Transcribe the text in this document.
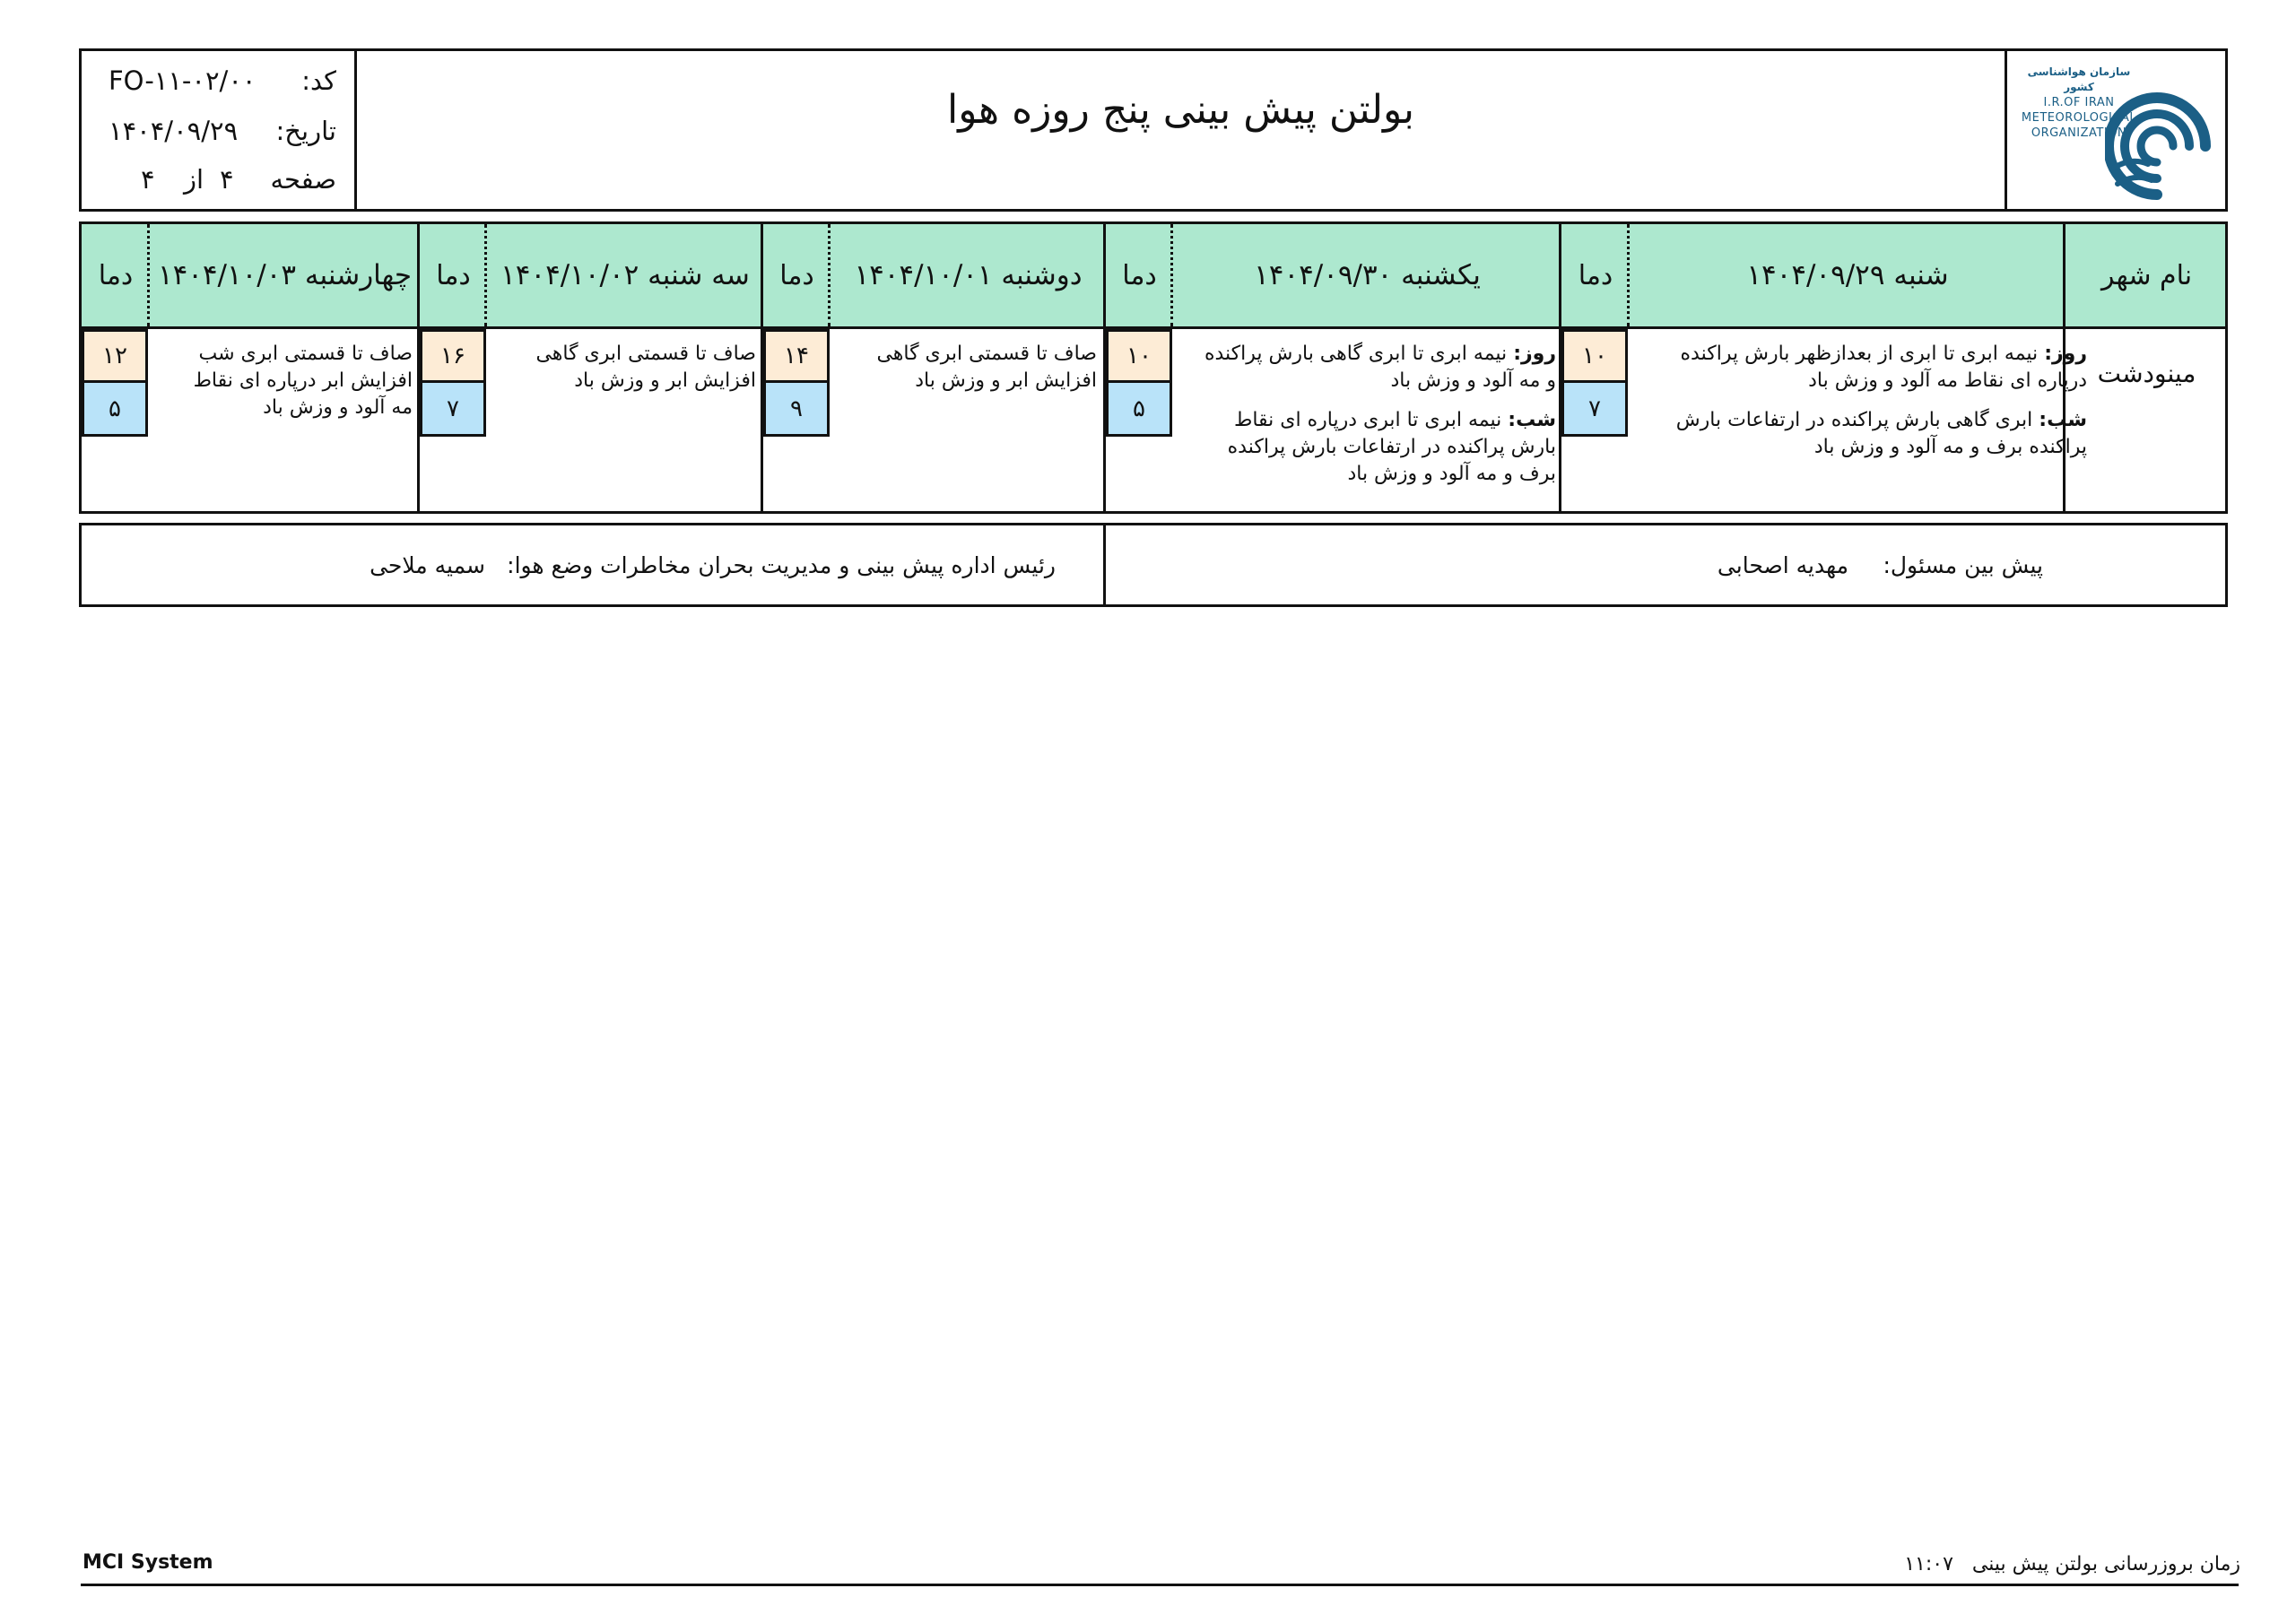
کد:
FO-۱۱-۰۲/۰۰
تاریخ:
۱۴۰۴/۰۹/۲۹
صفحه
۴
از
۴
بولتن پیش بینی پنج روزه هوا
سازمان هواشناسی کشور
I.R.OF IRAN
METEOROLOGICAL
ORGANIZATION
نام شهر
شنبه ۱۴۰۴/۰۹/۲۹
دما
یکشنبه ۱۴۰۴/۰۹/۳۰
دما
دوشنبه ۱۴۰۴/۱۰/۰۱
دما
سه شنبه ۱۴۰۴/۱۰/۰۲
دما
چهارشنبه ۱۴۰۴/۱۰/۰۳
دما
مینودشت
روز: نیمه ابری تا ابری از بعدازظهر بارش پراکنده درپاره ای نقاط مه آلود و وزش باد
شب: ابری گاهی بارش پراکنده در ارتفاعات بارش پراکنده برف و مه آلود و وزش باد
۱۰
۷
روز: نیمه ابری تا ابری گاهی بارش پراکنده و مه آلود و وزش باد
شب: نیمه ابری تا ابری درپاره ای نقاط بارش پراکنده در ارتفاعات بارش پراکنده برف و مه آلود و وزش باد
۱۰
۵
صاف تا قسمتی ابری گاهی افزایش ابر و وزش باد
۱۴
۹
صاف تا قسمتی ابری گاهی افزایش ابر و وزش باد
۱۶
۷
صاف تا قسمتی ابری شب افزایش ابر درپاره ای نقاط مه آلود و وزش باد
۱۲
۵
پیش بین مسئول:
مهدیه اصحابی
رئیس اداره پیش بینی و مدیریت بحران مخاطرات وضع هوا:
سمیه ملاحی
MCI System	زمان بروزرسانی بولتن پیش بینی   ۱۱:۰۷
